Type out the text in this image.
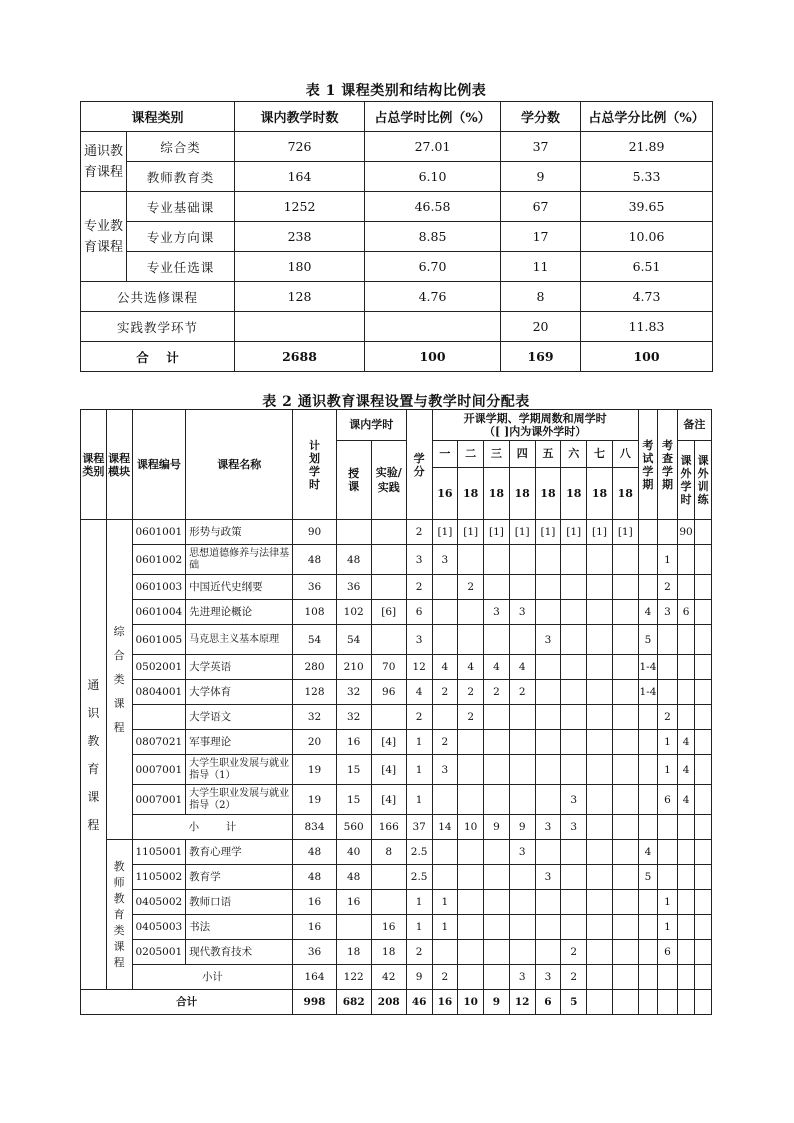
表 1 课程类别和结构比例表
课程类别		课内教学时数	占总学时比例（%）	学分数	占总学分比例（%）
通识教育课程	综合类	726	27.01	37	21.89
	教师教育类	164	6.10	9	5.33
专业教育课程	专业基础课	1252	46.58	67	39.65
	专业方向课	238	8.85	17	10.06
	专业任选课	180	6.70	11	6.51
公共选修课程		128	4.76	8	4.73
实践教学环节				20	11.83
合    计		2688	100	169	100
表 2 通识教育课程设置与教学时间分配表
课程类别	课程模块	课程编号	课程名称	计划学时	课内学时		学分	开课学期、学期周数和周学时
（[ ]内为课外学时）								考试学期	考查学期	备注	
					授课	实验/实践		一	二	三	四	五	六	七	八			课外学时	课外训练
								16	18	18	18	18	18	18	18				
通识教育课程	综合类课程	0601001	形势与政策	90			2	[1]	[1]	[1]	[1]	[1]	[1]	[1]	[1]			90	
		0601002	思想道德修养与法律基础	48	48		3	3									1		
		0601003	中国近代史纲要	36	36		2		2								2		
		0601004	先进理论概论	108	102	[6]	6			3	3					4	3	6	
		0601005	马克思主义基本原理	54	54		3					3				5			
		0502001	大学英语	280	210	70	12	4	4	4	4					1-4			
		0804001	大学体育	128	32	96	4	2	2	2	2					1-4			
			大学语文	32	32		2		2								2		
		0807021	军事理论	20	16	[4]	1	2									1	4	
		0007001	大学生职业发展与就业指导（1）	19	15	[4]	1	3									1	4	
		0007001	大学生职业发展与就业指导（2）	19	15	[4]	1						3				6	4	
		小        计		834	560	166	37	14	10	9	9	3	3						
	教师教育类课程	1105001	教育心理学	48	40	8	2.5				3					4			
		1105002	教育学	48	48		2.5					3				5			
		0405002	教师口语	16	16		1	1									1		
		0405003	书法	16		16	1	1									1		
		0205001	现代教育技术	36	18	18	2						2				6		
		小计		164	122	42	9	2			3	3	2						
合计				998	682	208	46	16	10	9	12	6	5						
